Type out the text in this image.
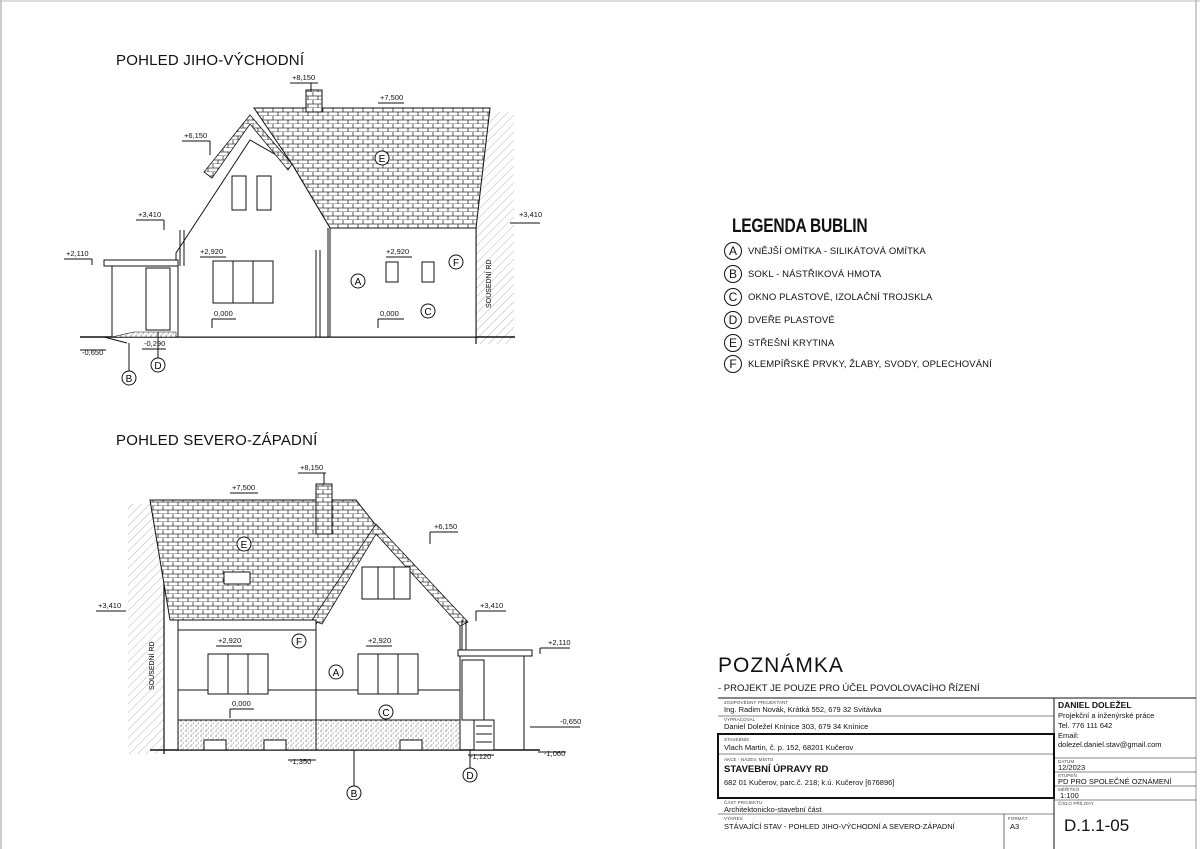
POHLED JIHO-VÝCHODNÍ
E
A
C
F
B
D
+8,150
+7,500
+6,150
+3,410	+3,410
+2,110	+2,920	+2,920
0,000	0,000
-0,650
-0,290
SOUSEDNÍ RD
POHLED SEVERO-ZÁPADNÍ
E
F
A
C
B
D
+8,150
+7,500
+6,150
+3,410	+3,410
+2,110
+2,920	+2,920
0,000
-0,650
-1,350
-1,120	-1,060
SOUSEDNÍ RD
LEGENDA BUBLIN
A	VNĚJŠÍ OMÍTKA - SILIKÁTOVÁ OMÍTKA
B	SOKL - NÁSTŘIKOVÁ HMOTA
C	OKNO PLASTOVÉ, IZOLAČNÍ TROJSKLA
D	DVEŘE PLASTOVÉ
E	STŘEŠNÍ KRYTINA
F	KLEMPÍŘSKÉ PRVKY, ŽLABY, SVODY, OPLECHOVÁNÍ
POZNÁMKA
- PROJEKT JE POUZE PRO ÚČEL POVOLOVACÍHO ŘÍZENÍ
ZODPOVĚDNÝ PROJEKTANT
Ing. Radim Novák, Krátká 552, 679 32 Svitávka
VYPRACOVAL
Daniel Doležel Knínice 303, 679 34 Knínice
STAVEBNÍK
Vlach Martin, č. p. 152, 68201 Kučerov
AKCE - NÁZEV, MÍSTO
STAVEBNÍ ÚPRAVY RD
682 01 Kučerov, parc.č. 218; k.ú. Kučerov [676896]
ČÁST PROJEKTU
Architektonicko-stavební část
VÝKRES
STÁVAJÍCÍ STAV - POHLED JIHO-VÝCHODNÍ A SEVERO-ZÁPADNÍ
FORMÁT
A3
DANIEL DOLEŽEL
Projekční a inženýrské práce
Tel. 776 111 642
Email:
dolezel.daniel.stav@gmail.com
DATUM
12/2023
STUPEŇ
PD PRO SPOLEČNÉ OZNÁMENÍ
MĚŘÍTKO
1:100
ČÍSLO PŘÍLOHY
D.1.1-05
